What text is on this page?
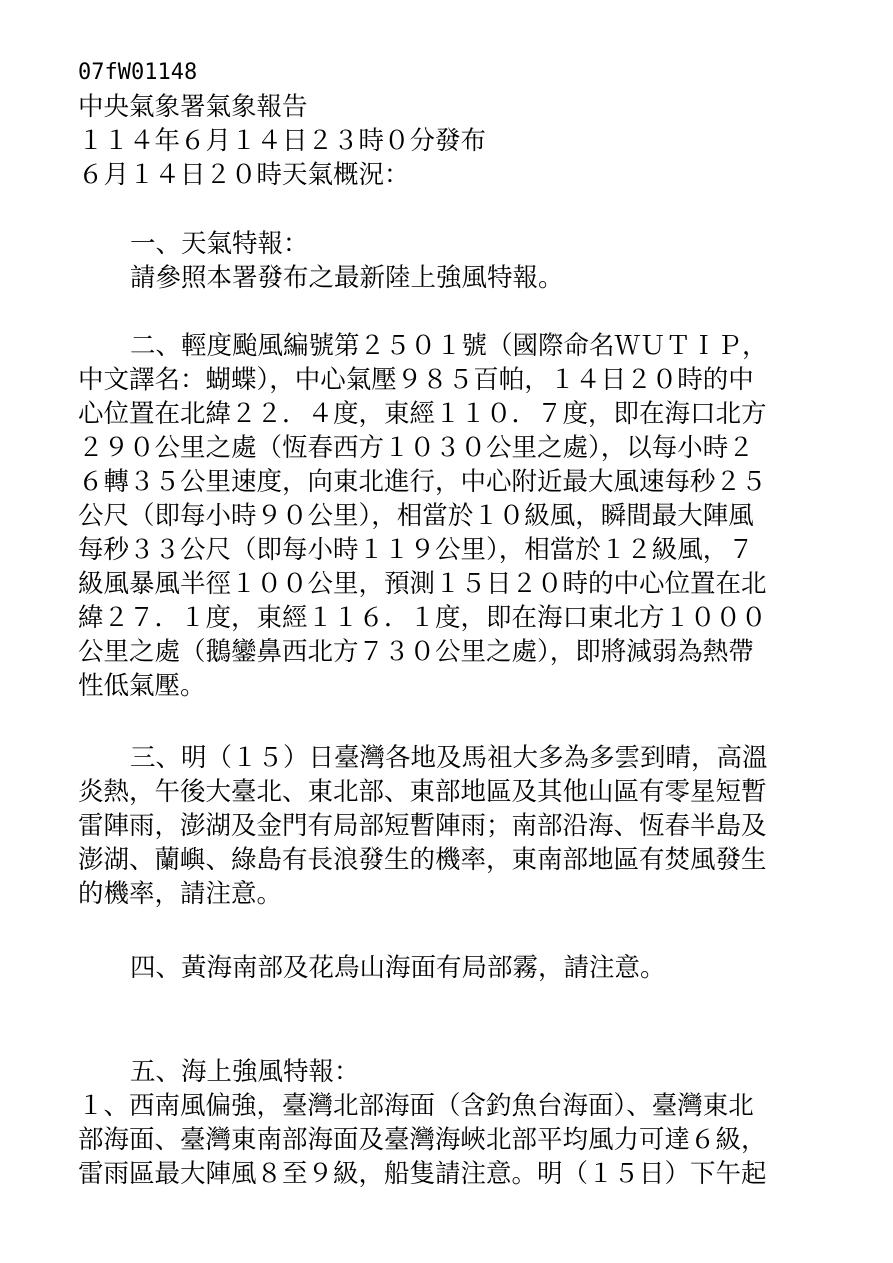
07fW01148
中央氣象署氣象報告
１１４年６月１４日２３時０分發布
６月１４日２０時天氣概況：
一、天氣特報：
請參照本署發布之最新陸上強風特報。
二、輕度颱風編號第２５０１號（國際命名ＷＵＴＩＰ，
中文譯名：蝴蝶），中心氣壓９８５百帕，１４日２０時的中
心位置在北緯２２．４度，東經１１０．７度，即在海口北方
２９０公里之處（恆春西方１０３０公里之處），以每小時２
６轉３５公里速度，向東北進行，中心附近最大風速每秒２５
公尺（即每小時９０公里），相當於１０級風，瞬間最大陣風
每秒３３公尺（即每小時１１９公里），相當於１２級風，７
級風暴風半徑１００公里，預測１５日２０時的中心位置在北
緯２７．１度，東經１１６．１度，即在海口東北方１０００
公里之處（鵝鑾鼻西北方７３０公里之處），即將減弱為熱帶
性低氣壓。
三、明（１５）日臺灣各地及馬祖大多為多雲到晴，高溫
炎熱，午後大臺北、東北部、東部地區及其他山區有零星短暫
雷陣雨，澎湖及金門有局部短暫陣雨；南部沿海、恆春半島及
澎湖、蘭嶼、綠島有長浪發生的機率，東南部地區有焚風發生
的機率，請注意。
四、黃海南部及花鳥山海面有局部霧，請注意。
五、海上強風特報：
１、西南風偏強，臺灣北部海面（含釣魚台海面）、臺灣東北
部海面、臺灣東南部海面及臺灣海峽北部平均風力可達６級，
雷雨區最大陣風８至９級，船隻請注意。明（１５日）下午起
